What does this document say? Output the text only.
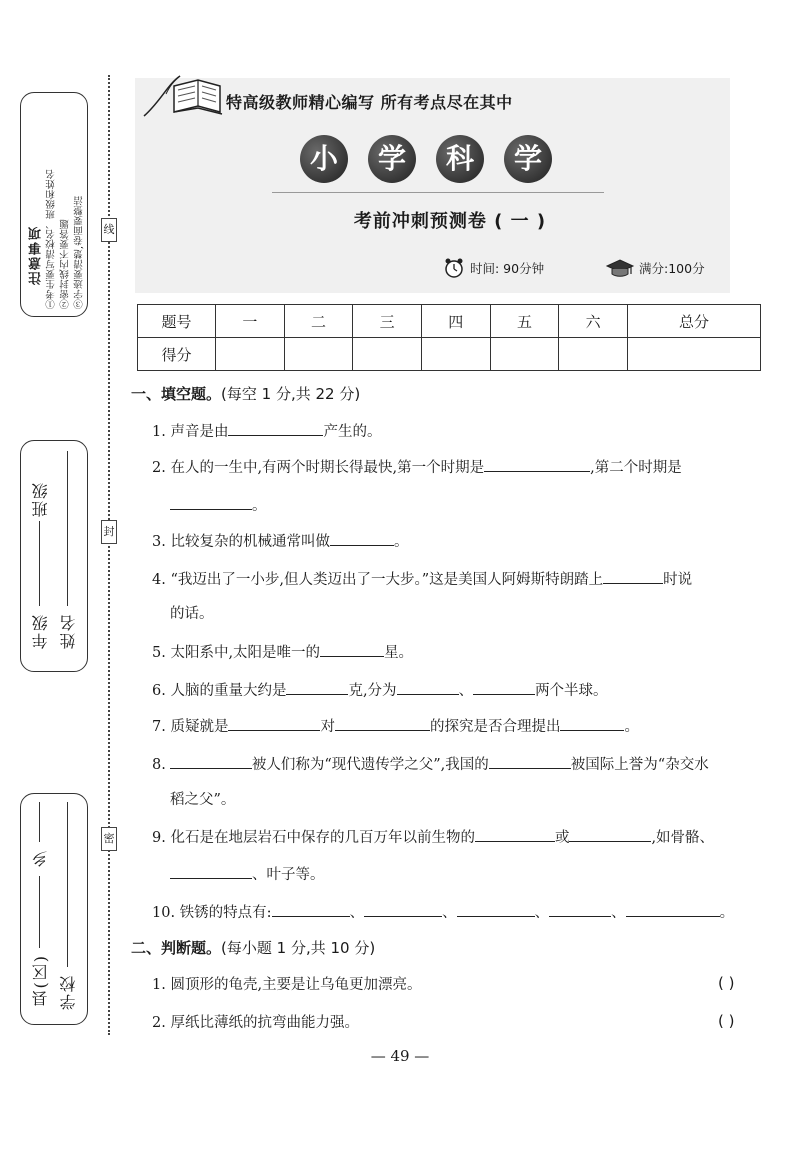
线
封
密
注意事项 ①考生要写清校名、班级和姓名 ②密封线内不要答题 ③字迹要清楚,卷面要整洁
年级
班级
姓名
县(区)
乡
学校
特高级教师精心编写 所有考点尽在其中
小	学	科	学
考前冲刺预测卷 ( 一 )
时间: 90分钟	满分:100分
题号	一	二	三	四	五	六	总分
得分							
一、填空题。(每空 1 分,共 22 分)
1. 声音是由	产生的。
2. 在人的一生中,有两个时期长得最快,第一个时期是	,第二个时期是
。
3. 比较复杂的机械通常叫做	。
4. “我迈出了一小步,但人类迈出了一大步。”这是美国人阿姆斯特朗踏上	时说
的话。
5. 太阳系中,太阳是唯一的	星。
6. 人脑的重量大约是	克,分为	、	两个半球。
7. 质疑就是	对	的探究是否合理提出	。
8.	被人们称为“现代遗传学之父”,我国的	被国际上誉为“杂交水
稻之父”。
9. 化石是在地层岩石中保存的几百万年以前生物的	或	,如骨骼、
、叶子等。
10. 铁锈的特点有:	、	、	、	、	。
二、判断题。(每小题 1 分,共 10 分)
1. 圆顶形的龟壳,主要是让乌龟更加漂亮。	( )
2. 厚纸比薄纸的抗弯曲能力强。	( )
— 49 —
